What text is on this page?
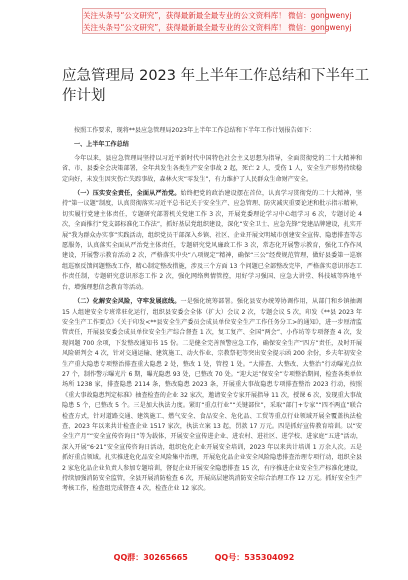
关注头条号“公文研究”，获得最新最全最专业的公文资料库！ 微信：gongwenyj
关注头条号“公文研究”，获得最新最全最专业的公文资料库！ 微信：gongwenyj
应急管理局 2023 年上半年工作总结和下半年工作计划

按照工作要求，现将**县应急管理局2023年上半年工作总结和下半年工作计划报告如下：

一、上半年工作总结

今年以来，县应急管理局坚持以习近平新时代中国特色社会主义思想为指导，全面贯彻党的二十大精神和省、市、县委全会决策部署，全年共发生各类生产安全事故 2 起，死亡 2 人，受伤 1 人，安全生产形势持续稳定向好，未发生因灾伤亡失踪事故，森林火灾“零发生”，有力维护了人民群众生命财产安全。

（一）压实安全责任，全面从严治党。始终把党的政治建设摆在首位，认真学习贯彻党的二十大精神，坚持“第一议题”制度，认真贯彻落实习近平总书记关于安全生产、应急管理、防灾减灾重要论述和批示指示精神，切实履行党建主体责任，专题研究部署机关党建工作 3 次，开展党委理论学习中心组学习 6 次，专题讨论 4 次，全面推行“党支部标准化工作法”，抓好基层党组织建设，深化“安全卫士、应急先锋”党建品牌建设，扎实开展“我为群众办实事”实践活动，组织党员干部深入乡镇、社区、企业开展文明城市创建安全宣传、隐患排查等志愿服务，认真落实全面从严治党主体责任，专题研究党风廉政工作 3 次，常态化开展警示教育，强化工作作风建设，开展警示教育活动 2 次，严格落实中央“八项规定”精神，确保“三公”经费规范管理，做好县委第一巡察组巡察反馈问题整改工作，精心制定整改措施，涉及三个方面 13 个问题已全部整改完毕，严格落实意识形态工作责任制，专题研究意识形态工作 2 次，强化网络舆情管控，用好学习强国、应急大讲堂、科技城等阵地平台，增强理想信念教育等活动。

（二）化解安全风险，守牢发展底线。一是强化统筹部署。强化县安办统筹协调作用，从部门和乡镇抽调 15 人组建安全专班常驻化运行，组织县安委会全体（扩大）会议 2 次，专题会议 5 次，印发《**县 2023 年安全生产工作要点》《关于印发<**县安全生产委员会成员单位安全生产工作任务分工>的通知》，进一步厘清监管责任，开展县安委会成员单位安全生产综合督查 1 次，复工复产、全国“两会”、小作坊等专项督查 4 次，发现问题 700 余项，下发整改通知书 15 份。二是健全完善预警应急工作，确保安全生产“四方”责任，及时开展风险研判会 4 次，针对交通运输、建筑施工、动火作业、宗教祭祀等突出安全提示函 200 余份，乡夫年初安全生产重大隐患专项整治排查重大隐患 2 处，整改 1 处，管控 1 处。“大排查、大整改、大整治”行动曝光点位 27 个，制作警示曝光片 6 期，曝光隐患 93 处，已整改 70 处。“迎大运”保安全”专项整治期间，检查各类单位场所 1238 家，排查隐患 2114 条，整改隐患 2023 条，开展重大事故隐患专项排查整治 2023 行动，按照《重大事故隐患判定标准》抽查检查的企业 32 家次，邀请安全专家开展指导 11 次，授课 6 次，发现重大事故隐患 5 个，已整改 5 个。三是加大执法力度。紧盯“重点行业”“关键部位”，采取“部门+专家”“四不两直”联合检查方式，针对道路交通、建筑施工、燃气安全、食品安全、危化品、工贸等重点行业领域开展全覆盖执法检查，2023 年以来共计检查企业 1517 家次，执法立案 13 起，罚款 17 万元。四是抓好宣传教育培训。以“安全生产月”“安全宣传咨询日”等为载体，开展安全宣传进企业、进农村、进社区、进学校、进家庭“五进”活动，深入开展“6·21”安全宣传咨询日活动，组织危化企业开展安全培训，2023 年以来共计培训 1 万余人次。五是抓好重点领域。扎实推进危化品安全风险集中治理，开展危化品企业安全风险隐患排查治理专项行动，组织全县 2 家危化品企业负责人参加专题培训，督促企业开展安全隐患排查 15 次，有序推进企业安全生产标准化建设，持续加强消防安全监管，全县开展消防检查 6 次，开展高层建筑消防安全综合治理工作 12 万元。抓好安全生产考核工作，检查组完成督查 4 次，检查企业 12 家次。

QQ群：30265665	QQ号：535304092
